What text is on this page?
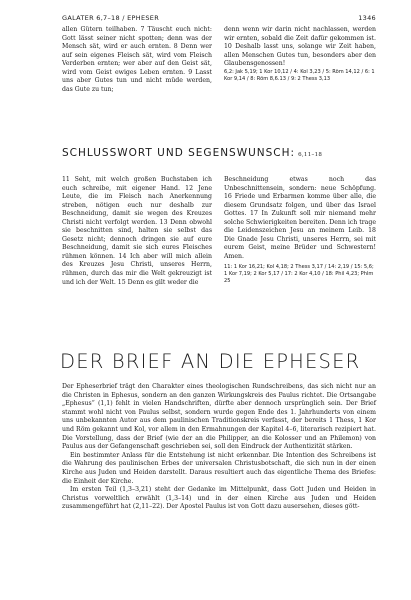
GALATER 6,7–18 / EPHESER	1346

allen Gütern teilhaben. 7 Täuscht euch nicht: Gott lässt seiner nicht spotten; denn was der Mensch sät, wird er auch ernten. 8 Denn wer auf sein eigenes Fleisch sät, wird vom Fleisch Verderben ernten; wer aber auf den Geist sät, wird vom Geist ewiges Leben ernten. 9 Lasst uns aber Gutes tun und nicht müde werden, das Gute zu tun;

denn wenn wir darin nicht nachlassen, werden wir ernten, sobald die Zeit dafür gekommen ist. 10 Deshalb lasst uns, solange wir Zeit haben, allen Menschen Gutes tun, besonders aber den Glaubensgenossen!

6,2: Jak 5,19; 1 Kor 10,12 / 4: Kol 3,23 / 5: Röm 14,12 / 6: 1 Kor 9,14 / 8: Röm 8,6.13 / 9: 2 Thess 3,13

SCHLUSSWORT UND SEGENSWUNSCH: 6,11–18

11 Seht, mit welch großen Buchstaben ich euch schreibe, mit eigener Hand. 12 Jene Leute, die im Fleisch nach Anerkennung streben, nötigen euch nur deshalb zur Beschneidung, damit sie wegen des Kreuzes Christi nicht verfolgt werden. 13 Denn obwohl sie beschnitten sind, halten sie selbst das Gesetz nicht; dennoch dringen sie auf eure Beschneidung, damit sie sich eures Fleisches rühmen können. 14 Ich aber will mich allein des Kreuzes Jesu Christi, unseres Herrn, rühmen, durch das mir die Welt gekreuzigt ist und ich der Welt. 15 Denn es gilt weder die

Beschneidung etwas noch das Unbeschnittensein, sondern: neue Schöpfung. 16 Friede und Erbarmen komme über alle, die diesem Grundsatz folgen, und über das Israel Gottes. 17 In Zukunft soll mir niemand mehr solche Schwierigkeiten bereiten. Denn ich trage die Leidenszeichen Jesu an meinem Leib. 18 Die Gnade Jesu Christi, unseres Herrn, sei mit eurem Geist, meine Brüder und Schwestern! Amen.

11: 1 Kor 16,21; Kol 4,18; 2 Thess 3,17 / 14: 2,19 / 15: 5,6; 1 Kor 7,19; 2 Kor 5,17 / 17: 2 Kor 4,10 / 18: Phil 4,23; Phlm 25

DER BRIEF AN DIE EPHESER

Der Epheserbrief trägt den Charakter eines theologischen Rundschreibens, das sich nicht nur an die Christen in Ephesus, sondern an den ganzen Wirkungskreis des Paulus richtet. Die Ortsangabe „Ephesus“ (1,1) fehlt in vielen Handschriften, dürfte aber dennoch ursprünglich sein. Der Brief stammt wohl nicht von Paulus selbst, sondern wurde gegen Ende des 1. Jahrhunderts von einem uns unbekannten Autor aus dem paulinischen Traditionskreis verfasst, der bereits 1 Thess, 1 Kor und Röm gekannt und Kol, vor allem in den Ermahnungen der Kapitel 4–6, literarisch rezipiert hat. Die Vorstellung, dass der Brief (wie der an die Philipper, an die Kolosser und an Philemon) von Paulus aus der Gefangenschaft geschrieben sei, soll den Eindruck der Authentizität stärken.

Ein bestimmter Anlass für die Entstehung ist nicht erkennbar. Die Intention des Schreibens ist die Wahrung des paulinischen Erbes der universalen Christusbotschaft, die sich nun in der einen Kirche aus Juden und Heiden darstellt. Daraus resultiert auch das eigentliche Thema des Briefes: die Einheit der Kirche.

Im ersten Teil (1,3–3,21) steht der Gedanke im Mittelpunkt, dass Gott Juden und Heiden in Christus vorweltlich erwählt (1,3–14) und in der einen Kirche aus Juden und Heiden zusammengeführt hat (2,11–22). Der Apostel Paulus ist von Gott dazu ausersehen, dieses gött-
